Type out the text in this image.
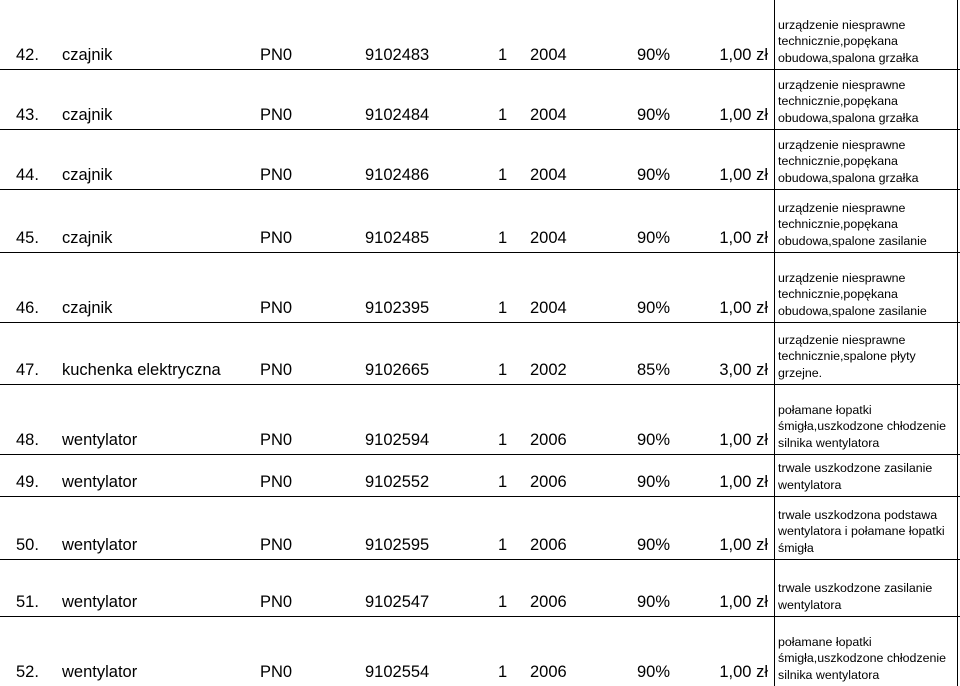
42. czajnik	PN0	9102483	1 2004	90%	1,00 zł
urządzenie niesprawne
technicznie,popękana
obudowa,spalona grzałka
43. czajnik	PN0	9102484	1 2004	90%	1,00 zł
urządzenie niesprawne
technicznie,popękana
obudowa,spalona grzałka
44. czajnik	PN0	9102486	1 2004	90%	1,00 zł
urządzenie niesprawne
technicznie,popękana
obudowa,spalona grzałka
45. czajnik	PN0	9102485	1 2004	90%	1,00 zł
urządzenie niesprawne
technicznie,popękana
obudowa,spalone zasilanie
46. czajnik	PN0	9102395	1 2004	90%	1,00 zł
urządzenie niesprawne
technicznie,popękana
obudowa,spalone zasilanie
47. kuchenka elektryczna PN0	9102665	1 2002	85%	3,00 zł
urządzenie niesprawne
technicznie,spalone płyty grzejne.
48. wentylator	PN0	9102594	1 2006	90%	1,00 zł
połamane łopatki
śmigła,uszkodzone chłodzenie
silnika wentylatora
49. wentylator	PN0	9102552	1 2006	90%	1,00 zł
trwale uszkodzone zasilanie
wentylatora
50. wentylator	PN0	9102595	1 2006	90%	1,00 zł
trwale uszkodzona podstawa
wentylatora i połamane łopatki
śmigła
51. wentylator	PN0	9102547	1 2006	90%	1,00 zł
trwale uszkodzone zasilanie
wentylatora
52. wentylator	PN0	9102554	1 2006	90%	1,00 zł
połamane łopatki
śmigła,uszkodzone chłodzenie
silnika wentylatora
